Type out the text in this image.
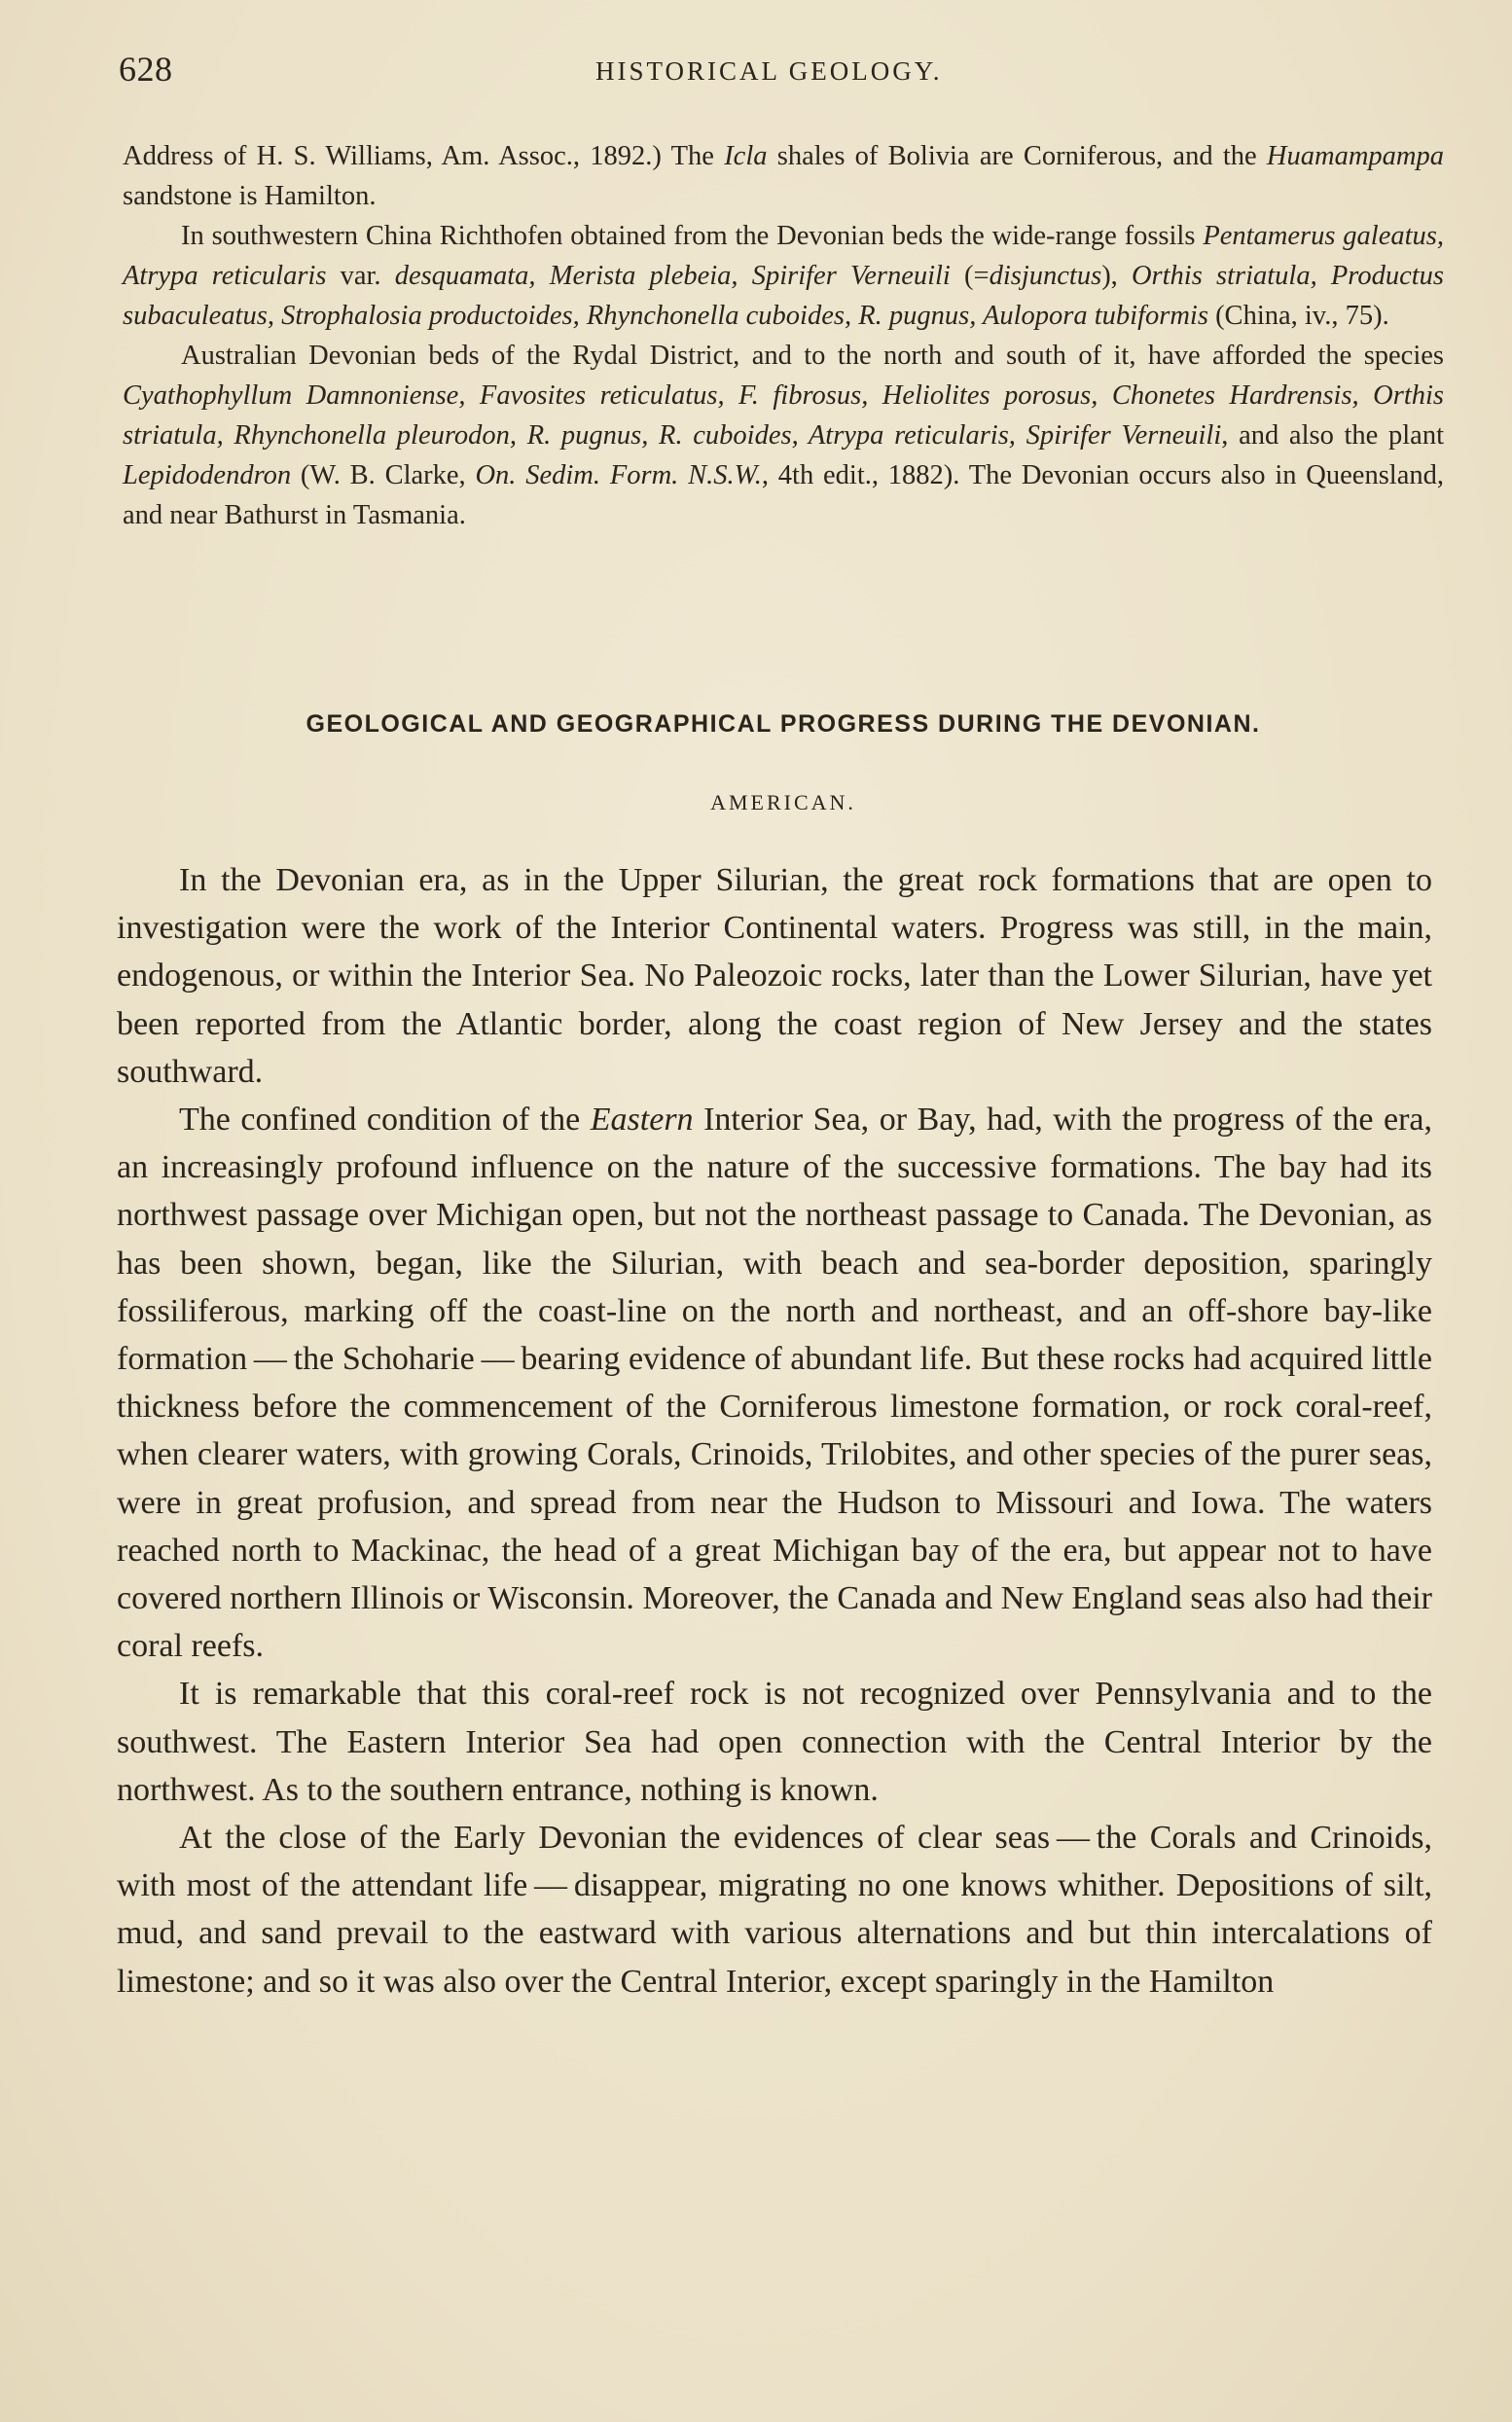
628	HISTORICAL GEOLOGY.

Address of H. S. Williams, Am. Assoc., 1892.) The Icla shales of Bolivia are Corniferous, and the Huamampampa sandstone is Hamilton.

In southwestern China Richthofen obtained from the Devonian beds the wide-range fossils Pentamerus galeatus, Atrypa reticularis var. desquamata, Merista plebeia, Spirifer Verneuili (=disjunctus), Orthis striatula, Productus subaculeatus, Strophalosia productoides, Rhynchonella cuboides, R. pugnus, Aulopora tubiformis (China, iv., 75).

Australian Devonian beds of the Rydal District, and to the north and south of it, have afforded the species Cyathophyllum Damnoniense, Favosites reticulatus, F. fibrosus, Heliolites porosus, Chonetes Hardrensis, Orthis striatula, Rhynchonella pleurodon, R. pugnus, R. cuboides, Atrypa reticularis, Spirifer Verneuili, and also the plant Lepidodendron (W. B. Clarke, On. Sedim. Form. N.S.W., 4th edit., 1882). The Devonian occurs also in Queensland, and near Bathurst in Tasmania.

GEOLOGICAL AND GEOGRAPHICAL PROGRESS DURING THE DEVONIAN.
AMERICAN.

In the Devonian era, as in the Upper Silurian, the great rock formations that are open to investigation were the work of the Interior Continental waters. Progress was still, in the main, endogenous, or within the Interior Sea. No Paleozoic rocks, later than the Lower Silurian, have yet been reported from the Atlantic border, along the coast region of New Jersey and the states southward.

The confined condition of the Eastern Interior Sea, or Bay, had, with the progress of the era, an increasingly profound influence on the nature of the successive formations. The bay had its northwest passage over Michigan open, but not the northeast passage to Canada. The Devonian, as has been shown, began, like the Silurian, with beach and sea-border deposition, sparingly fossiliferous, marking off the coast-line on the north and northeast, and an off-shore bay-like formation — the Schoharie — bearing evidence of abundant life. But these rocks had acquired little thickness before the commencement of the Corniferous limestone formation, or rock coral-reef, when clearer waters, with growing Corals, Crinoids, Trilobites, and other species of the purer seas, were in great profusion, and spread from near the Hudson to Missouri and Iowa. The waters reached north to Mackinac, the head of a great Michigan bay of the era, but appear not to have covered northern Illinois or Wisconsin. Moreover, the Canada and New England seas also had their coral reefs.

It is remarkable that this coral-reef rock is not recognized over Pennsylvania and to the southwest. The Eastern Interior Sea had open connection with the Central Interior by the northwest. As to the southern entrance, nothing is known.

At the close of the Early Devonian the evidences of clear seas — the Corals and Crinoids, with most of the attendant life — disappear, migrating no one knows whither. Depositions of silt, mud, and sand prevail to the eastward with various alternations and but thin intercalations of limestone; and so it was also over the Central Interior, except sparingly in the Hamilton
